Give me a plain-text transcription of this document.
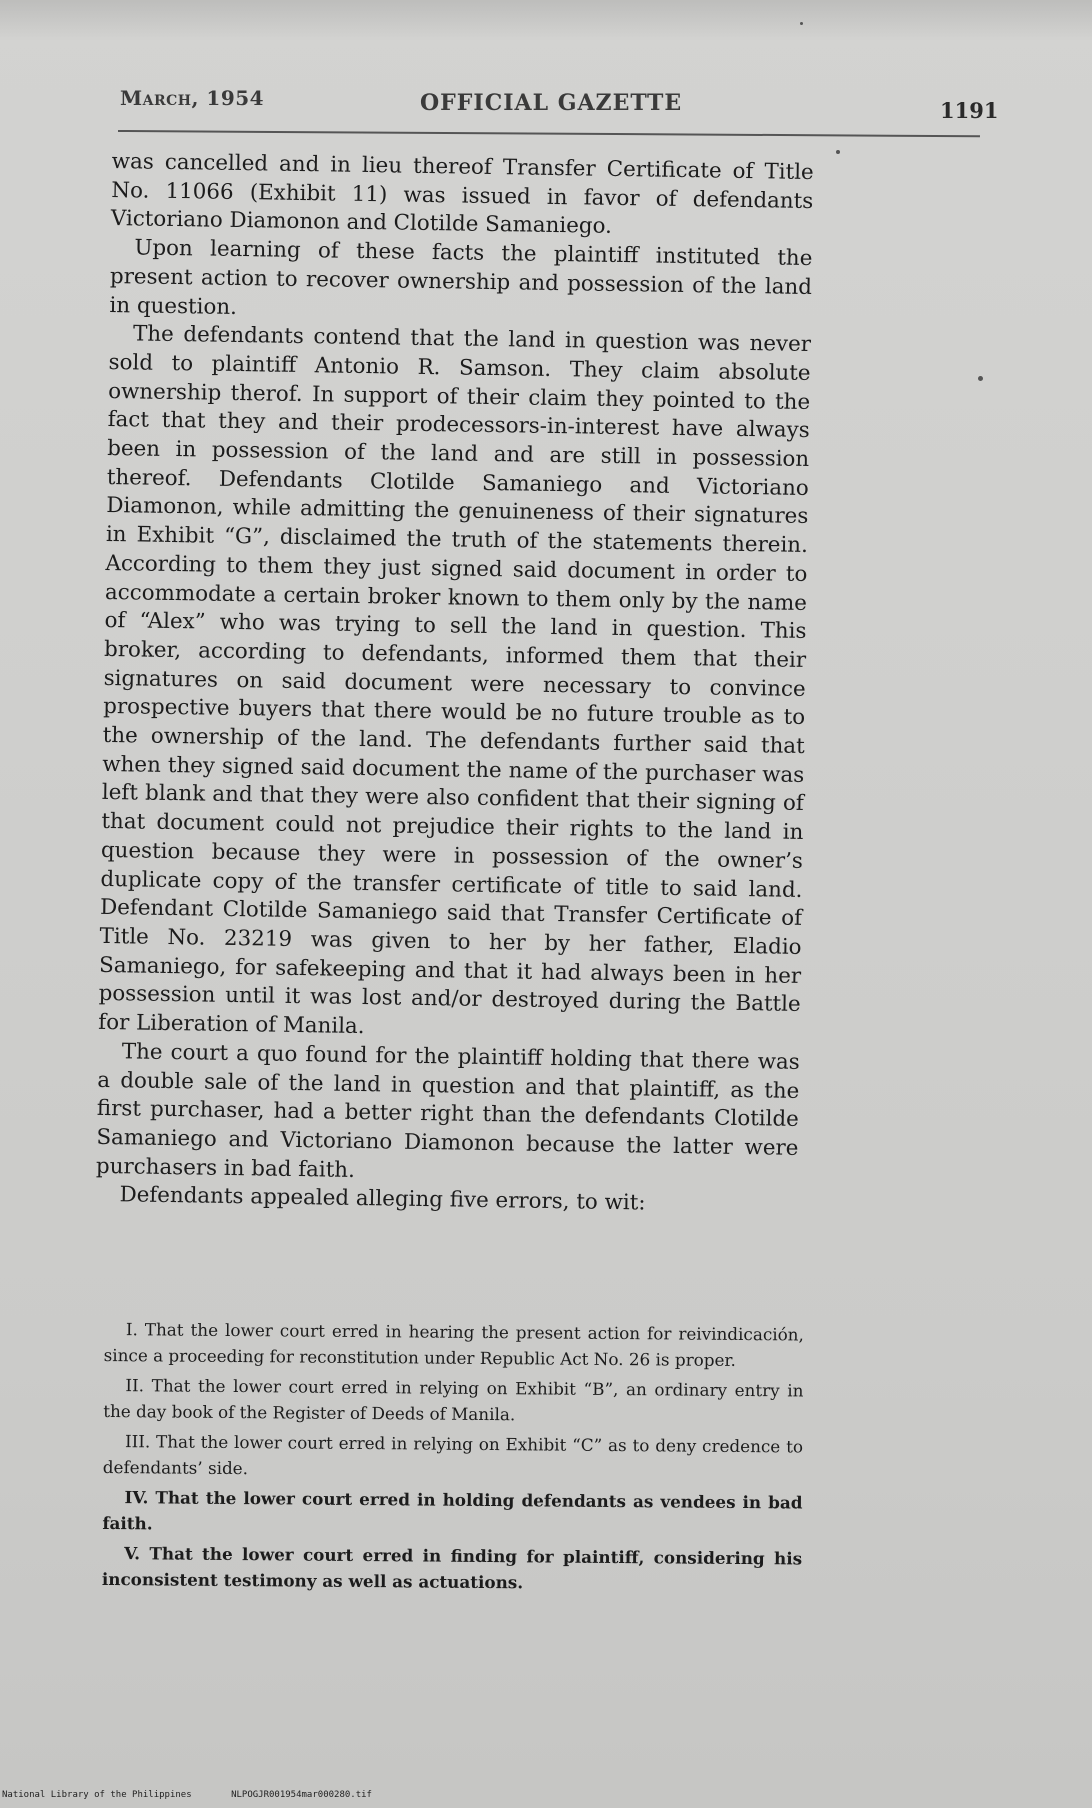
March, 1954	OFFICIAL GAZETTE	1191

was cancelled and in lieu thereof Transfer Certificate of Title No. 11066 (Exhibit 11) was issued in favor of defendants Victoriano Diamonon and Clotilde Samaniego.

Upon learning of these facts the plaintiff instituted the present action to recover ownership and possession of the land in question.

The defendants contend that the land in question was never sold to plaintiff Antonio R. Samson. They claim absolute ownership therof. In support of their claim they pointed to the fact that they and their prodecessors-in-interest have always been in possession of the land and are still in possession thereof. Defendants Clotilde Samaniego and Victoriano Diamonon, while admitting the genuineness of their signatures in Exhibit “G”, disclaimed the truth of the statements therein. According to them they just signed said document in order to accommodate a certain broker known to them only by the name of “Alex” who was trying to sell the land in question. This broker, according to defendants, informed them that their signatures on said document were necessary to convince prospective buyers that there would be no future trouble as to the ownership of the land. The defendants further said that when they signed said document the name of the purchaser was left blank and that they were also confident that their signing of that document could not prejudice their rights to the land in question because they were in possession of the owner’s duplicate copy of the transfer certificate of title to said land. Defendant Clotilde Samaniego said that Transfer Certificate of Title No. 23219 was given to her by her father, Eladio Samaniego, for safekeeping and that it had always been in her possession until it was lost and/or destroyed during the Battle for Liberation of Manila.

The court a quo found for the plaintiff holding that there was a double sale of the land in question and that plaintiff, as the first purchaser, had a better right than the defendants Clotilde Samaniego and Victoriano Diamonon because the latter were purchasers in bad faith.

Defendants appealed alleging five errors, to wit:

I. That the lower court erred in hearing the present action for reivindicación, since a proceeding for reconstitution under Republic Act No. 26 is proper.

II. That the lower court erred in relying on Exhibit “B”, an ordinary entry in the day book of the Register of Deeds of Manila.

III. That the lower court erred in relying on Exhibit “C” as to deny credence to defendants’ side.

IV. That the lower court erred in holding defendants as vendees in bad faith.

V. That the lower court erred in finding for plaintiff, considering his inconsistent testimony as well as actuations.

National Library of the Philippines	NLPOGJR001954mar000280.tif
